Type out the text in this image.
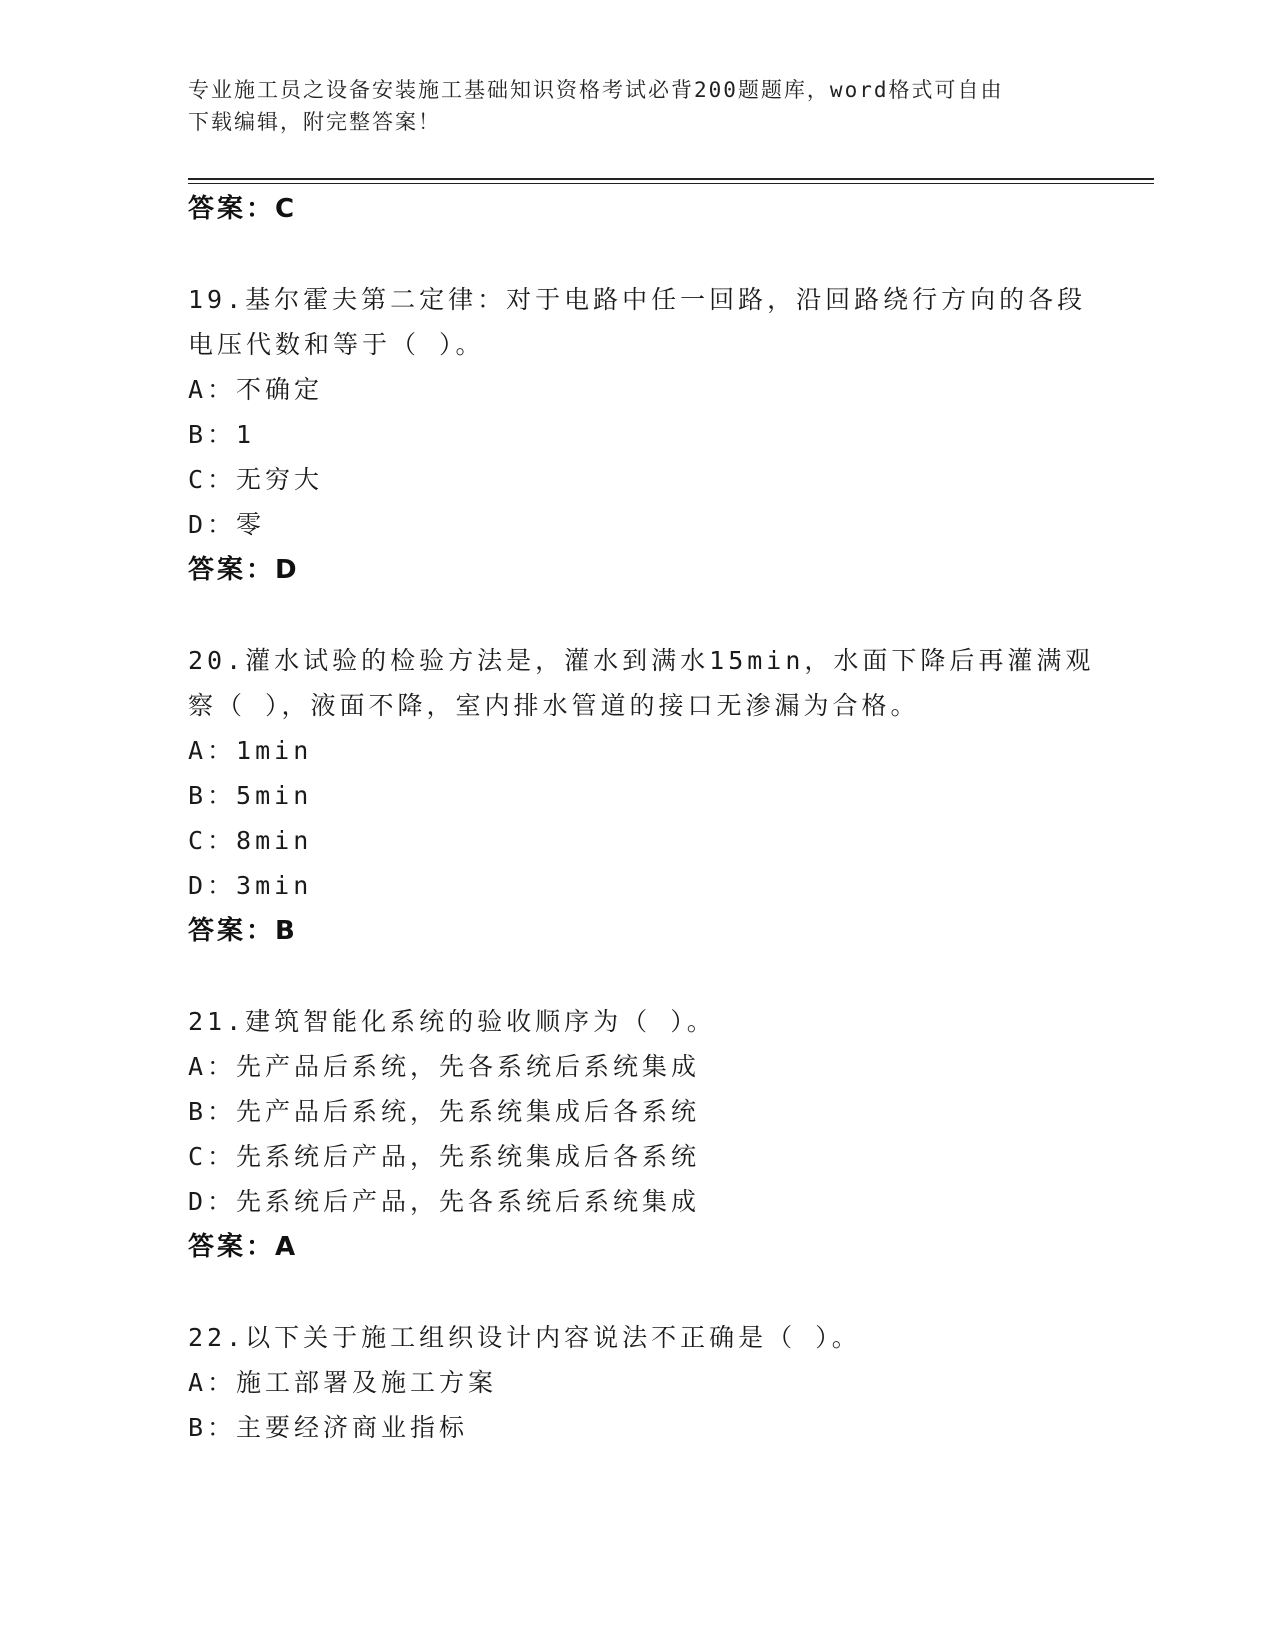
专业施工员之设备安装施工基础知识资格考试必背200题题库，word格式可自由
下载编辑，附完整答案！
答案：C
19.基尔霍夫第二定律：对于电路中任一回路，沿回路绕行方向的各段
电压代数和等于（ ）。
A：不确定
B：1
C：无穷大
D：零
答案：D
20.灌水试验的检验方法是，灌水到满水15min，水面下降后再灌满观
察（ ），液面不降，室内排水管道的接口无渗漏为合格。
A：1min
B：5min
C：8min
D：3min
答案：B
21.建筑智能化系统的验收顺序为（ ）。
A：先产品后系统，先各系统后系统集成
B：先产品后系统，先系统集成后各系统
C：先系统后产品，先系统集成后各系统
D：先系统后产品，先各系统后系统集成
答案：A
22.以下关于施工组织设计内容说法不正确是（ ）。
A：施工部署及施工方案
B：主要经济商业指标
